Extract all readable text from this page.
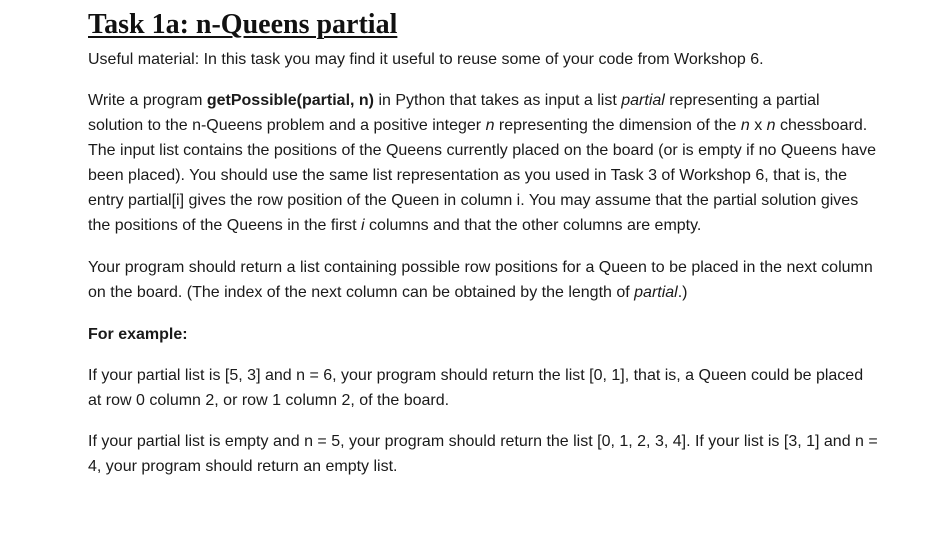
Task 1a: n-Queens partial

Useful material: In this task you may find it useful to reuse some of your code from Workshop 6.

Write a program getPossible(partial, n) in Python that takes as input a list partial representing a partial solution to the n-Queens problem and a positive integer n representing the dimension of the n x n chessboard. The input list contains the positions of the Queens currently placed on the board (or is empty if no Queens have been placed). You should use the same list representation as you used in Task 3 of Workshop 6, that is, the entry partial[i] gives the row position of the Queen in column i. You may assume that the partial solution gives the positions of the Queens in the first i columns and that the other columns are empty.

Your program should return a list containing possible row positions for a Queen to be placed in the next column on the board. (The index of the next column can be obtained by the length of partial.)

For example:

If your partial list is [5, 3] and n = 6, your program should return the list [0, 1], that is, a Queen could be placed at row 0 column 2, or row 1 column 2, of the board.

If your partial list is empty and n = 5, your program should return the list [0, 1, 2, 3, 4]. If your list is [3, 1] and n = 4, your program should return an empty list.
